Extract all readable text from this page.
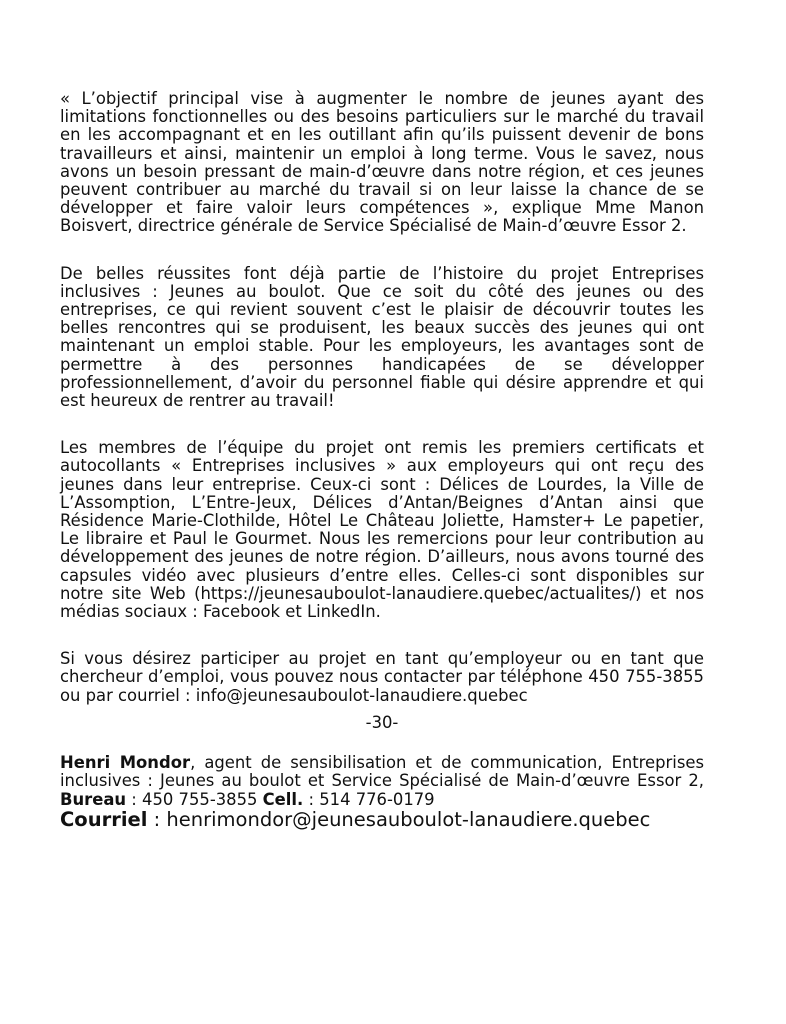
« L’objectif principal vise à augmenter le nombre de jeunes ayant des limitations fonctionnelles ou des besoins particuliers sur le marché du travail en les accompagnant et en les outillant afin qu’ils puissent devenir de bons travailleurs et ainsi, maintenir un emploi à long terme. Vous le savez, nous avons un besoin pressant de main-d’œuvre dans notre région, et ces jeunes peuvent contribuer au marché du travail si on leur laisse la chance de se développer et faire valoir leurs compétences », explique Mme Manon Boisvert, directrice générale de Service Spécialisé de Main-d’œuvre Essor 2.

De belles réussites font déjà partie de l’histoire du projet Entreprises inclusives : Jeunes au boulot. Que ce soit du côté des jeunes ou des entreprises, ce qui revient souvent c’est le plaisir de découvrir toutes les belles rencontres qui se produisent, les beaux succès des jeunes qui ont maintenant un emploi stable. Pour les employeurs, les avantages sont de permettre à des personnes handicapées de se développer professionnellement, d’avoir du personnel fiable qui désire apprendre et qui est heureux de rentrer au travail!

Les membres de l’équipe du projet ont remis les premiers certificats et autocollants « Entreprises inclusives » aux employeurs qui ont reçu des jeunes dans leur entreprise. Ceux-ci sont : Délices de Lourdes, la Ville de L’Assomption, L’Entre-Jeux, Délices d’Antan/Beignes d’Antan ainsi que Résidence Marie-Clothilde, Hôtel Le Château Joliette, Hamster+ Le papetier, Le libraire et Paul le Gourmet. Nous les remercions pour leur contribution au développement des jeunes de notre région. D’ailleurs, nous avons tourné des capsules vidéo avec plusieurs d’entre elles. Celles-ci sont disponibles sur notre site Web (https://jeunesauboulot-lanaudiere.quebec/actualites/) et nos médias sociaux : Facebook et LinkedIn.

Si vous désirez participer au projet en tant qu’employeur ou en tant que chercheur d’emploi, vous pouvez nous contacter par téléphone 450 755-3855 ou par courriel : info@jeunesauboulot-lanaudiere.quebec

-30-

Henri Mondor, agent de sensibilisation et de communication, Entreprises inclusives : Jeunes au boulot et Service Spécialisé de Main-d’œuvre Essor 2, Bureau : 450 755-3855 Cell. : 514 776-0179

Courriel : henrimondor@jeunesauboulot-lanaudiere.quebec
